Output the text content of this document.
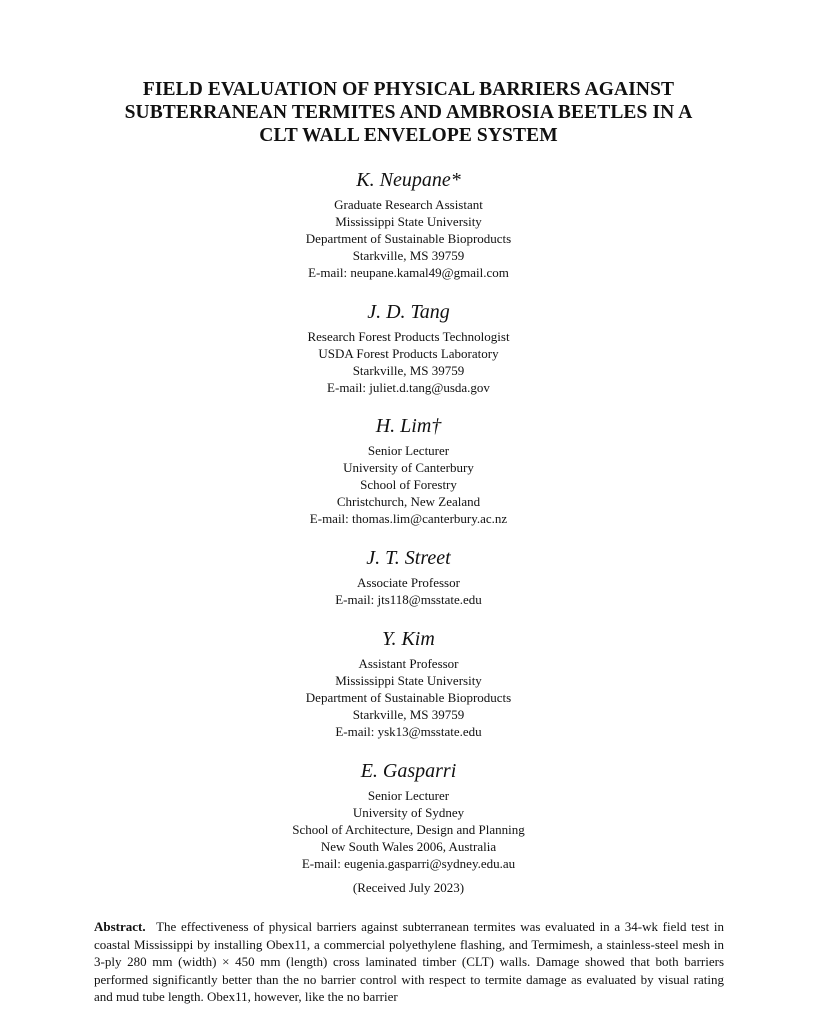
FIELD EVALUATION OF PHYSICAL BARRIERS AGAINST
SUBTERRANEAN TERMITES AND AMBROSIA BEETLES IN A
CLT WALL ENVELOPE SYSTEM
K. Neupane*
Graduate Research Assistant
Mississippi State University
Department of Sustainable Bioproducts
Starkville, MS 39759
E-mail: neupane.kamal49@gmail.com
J. D. Tang
Research Forest Products Technologist
USDA Forest Products Laboratory
Starkville, MS 39759
E-mail: juliet.d.tang@usda.gov
H. Lim†
Senior Lecturer
University of Canterbury
School of Forestry
Christchurch, New Zealand
E-mail: thomas.lim@canterbury.ac.nz
J. T. Street
Associate Professor
E-mail: jts118@msstate.edu
Y. Kim
Assistant Professor
Mississippi State University
Department of Sustainable Bioproducts
Starkville, MS 39759
E-mail: ysk13@msstate.edu
E. Gasparri
Senior Lecturer
University of Sydney
School of Architecture, Design and Planning
New South Wales 2006, Australia
E-mail: eugenia.gasparri@sydney.edu.au
(Received July 2023)
Abstract. The effectiveness of physical barriers against subterranean termites was evaluated in a 34-wk field test in coastal Mississippi by installing Obex11, a commercial polyethylene flashing, and Termimesh, a stainless-steel mesh in 3-ply 280 mm (width) × 450 mm (length) cross laminated timber (CLT) walls. Damage showed that both barriers performed significantly better than the no barrier control with respect to termite damage as evaluated by visual rating and mud tube length. Obex11, however, like the no barrier
